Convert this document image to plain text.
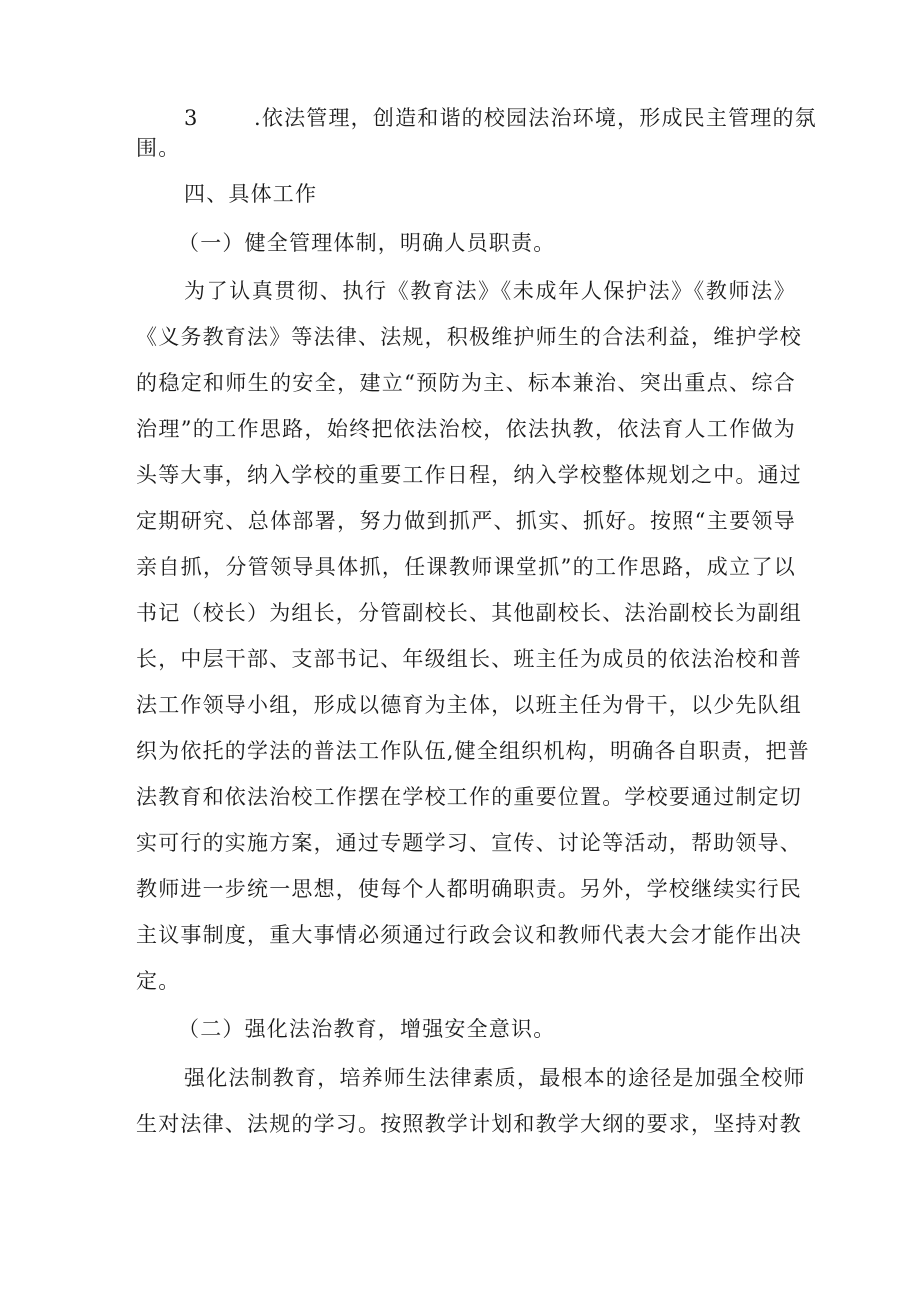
3	.依法管理，创造和谐的校园法治环境，形成民主管理的氛
围。
四、具体工作
（一）健全管理体制，明确人员职责。
为了认真贯彻、执行《教育法》《未成年人保护法》《教师法》
《义务教育法》等法律、法规，积极维护师生的合法利益，维护学校
的稳定和师生的安全，建立“预防为主、标本兼治、突出重点、综合
治理”的工作思路，始终把依法治校，依法执教，依法育人工作做为
头等大事，纳入学校的重要工作日程，纳入学校整体规划之中。通过
定期研究、总体部署，努力做到抓严、抓实、抓好。按照“主要领导
亲自抓，分管领导具体抓，任课教师课堂抓”的工作思路，成立了以
书记（校长）为组长，分管副校长、其他副校长、法治副校长为副组
长，中层干部、支部书记、年级组长、班主任为成员的依法治校和普
法工作领导小组，形成以德育为主体，以班主任为骨干，以少先队组
织为依托的学法的普法工作队伍,健全组织机构，明确各自职责，把普
法教育和依法治校工作摆在学校工作的重要位置。学校要通过制定切
实可行的实施方案，通过专题学习、宣传、讨论等活动，帮助领导、
教师进一步统一思想，使每个人都明确职责。另外，学校继续实行民
主议事制度，重大事情必须通过行政会议和教师代表大会才能作出决
定。
（二）强化法治教育，增强安全意识。
强化法制教育，培养师生法律素质，最根本的途径是加强全校师
生对法律、法规的学习。按照教学计划和教学大纲的要求，坚持对教
